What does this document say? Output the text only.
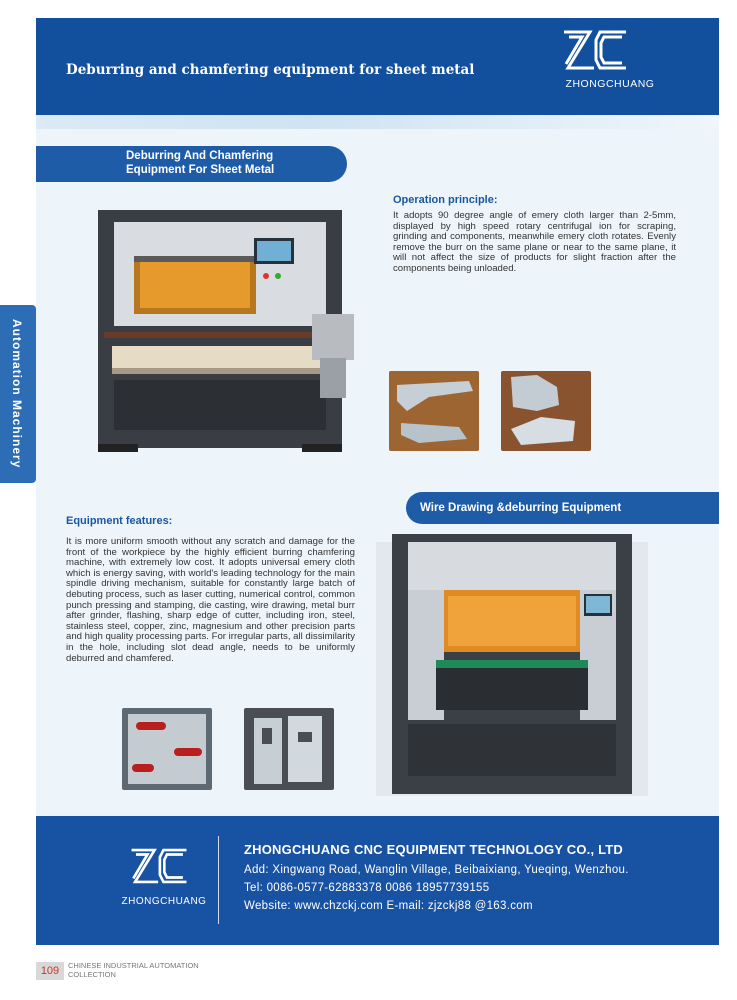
Deburring and chamfering equipment for sheet metal
ZHONGCHUANG
Deburring And Chamfering
Equipment For Sheet Metal
Operation principle:
It adopts 90 degree angle of emery cloth larger than 2-5mm, displayed by high speed rotary centrifugal ion for scraping, grinding and components, meanwhile emery cloth rotates. Evenly remove the burr on the same plane or near to the same plane, it will not affect the size of products for slight fraction after the components being unloaded.
Wire Drawing &deburring Equipment
Equipment features:
It is more uniform smooth without any scratch and damage for the front of the workpiece by the highly efficient burring chamfering machine, with extremely low cost. It adopts universal emery cloth which is energy saving, with world's leading technology for the main spindle driving mechanism, suitable for constantly large batch of debuting process, such as laser cutting, numerical control, common punch pressing and stamping, die casting, wire drawing, metal burr after grinder, flashing, sharp edge of cutter, including iron, steel, stainless steel, copper, zinc, magnesium and other precision parts and high quality processing parts. For irregular parts, all dissimilarity in the hole, including slot dead angle, needs to be uniformly deburred and chamfered.
ZHONGCHUANG
ZHONGCHUANG CNC EQUIPMENT TECHNOLOGY CO., LTD
Add: Xingwang Road, Wanglin Village, Beibaixiang, Yueqing, Wenzhou.
Tel: 0086-0577-62883378 0086 18957739155
Website: www.chzckj.com E-mail: zjzckj88 @163.com
Automation Machinery
109	CHINESE INDUSTRIAL AUTOMATION
COLLECTION
